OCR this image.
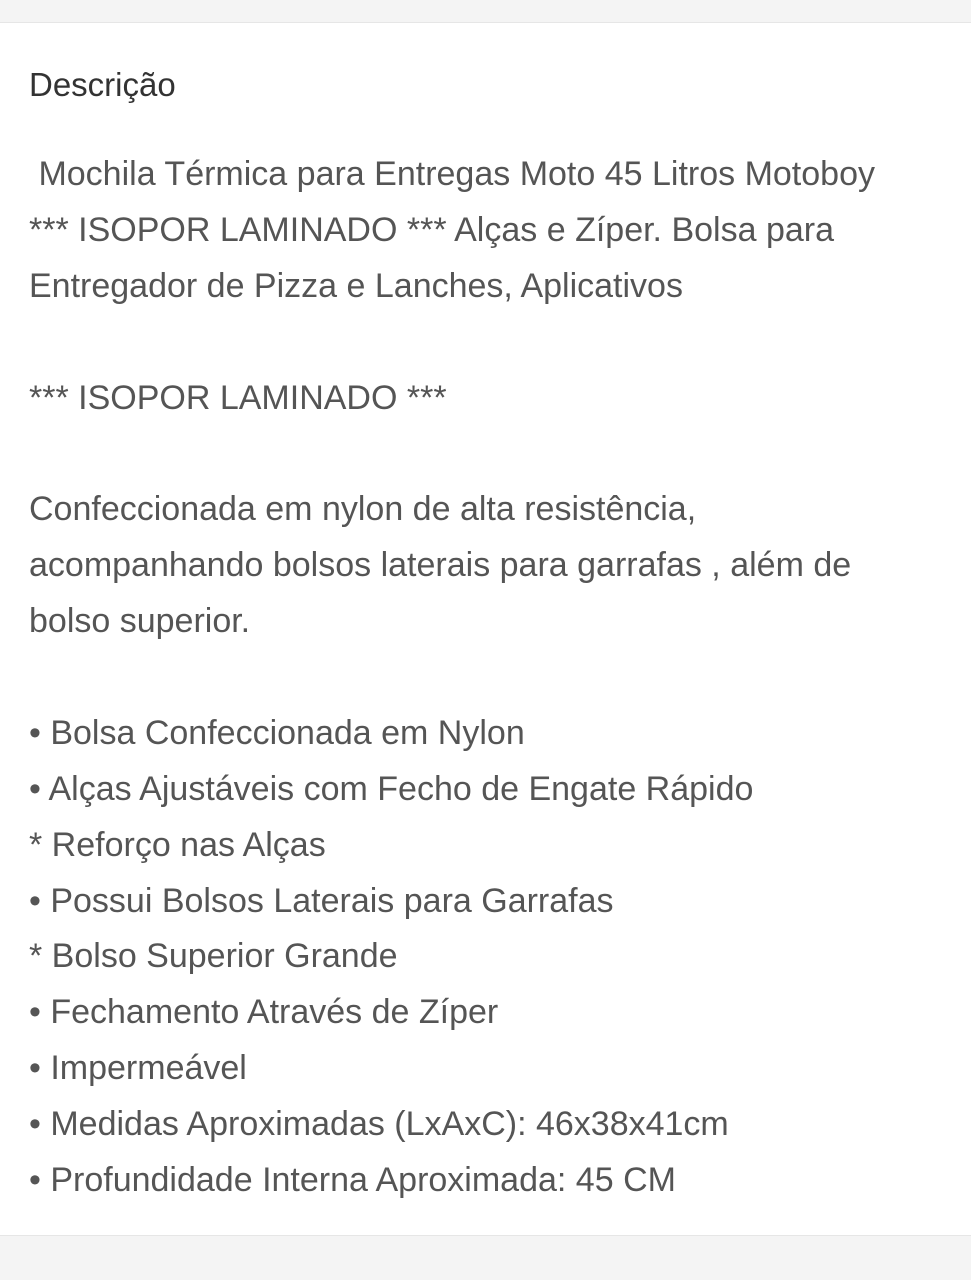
Descrição
Mochila Térmica para Entregas Moto 45 Litros Motoboy
*** ISOPOR LAMINADO *** Alças e Zíper. Bolsa para
Entregador de Pizza e Lanches, Aplicativos
*** ISOPOR LAMINADO ***
Confeccionada em nylon de alta resistência,
acompanhando bolsos laterais para garrafas , além de
bolso superior.
• Bolsa Confeccionada em Nylon
• Alças Ajustáveis com Fecho de Engate Rápido
* Reforço nas Alças
• Possui Bolsos Laterais para Garrafas
* Bolso Superior Grande
• Fechamento Através de Zíper
• Impermeável
• Medidas Aproximadas (LxAxC): 46x38x41cm
• Profundidade Interna Aproximada: 45 CM
